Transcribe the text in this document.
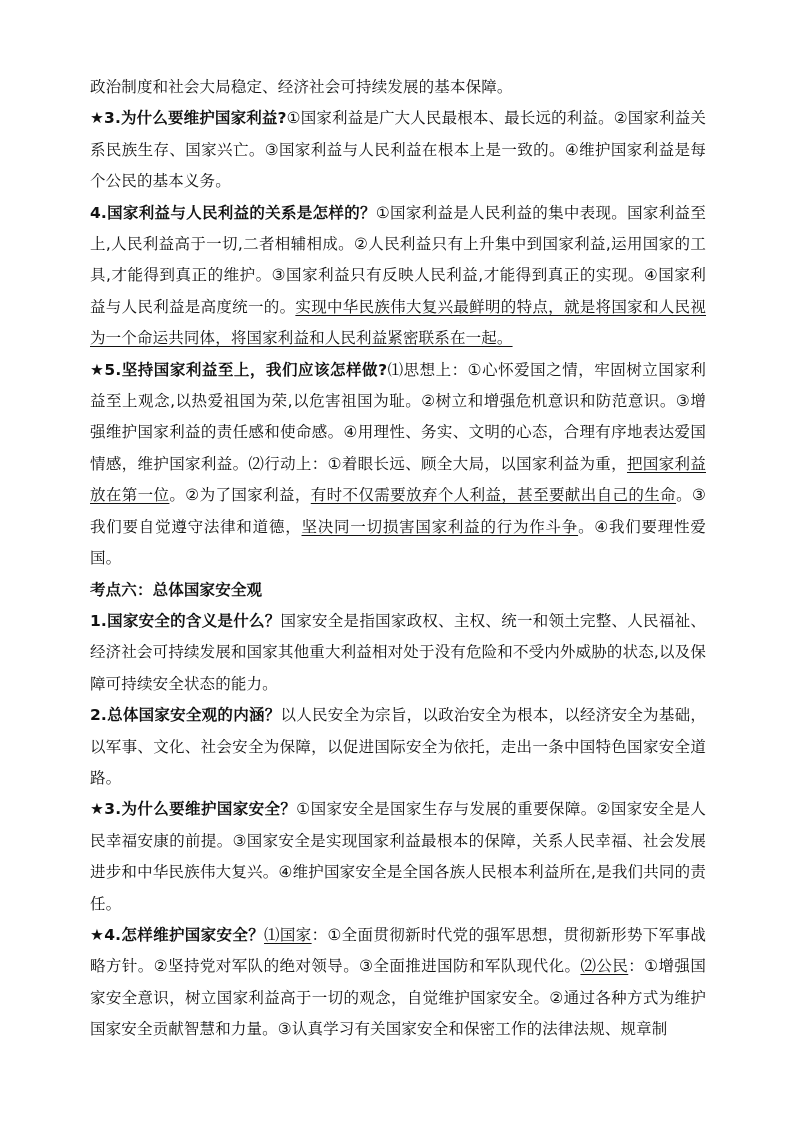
政治制度和社会大局稳定、经济社会可持续发展的基本保障。

★3.为什么要维护国家利益?①国家利益是广大人民最根本、最长远的利益。②国家利益关系民族生存、国家兴亡。③国家利益与人民利益在根本上是一致的。④维护国家利益是每个公民的基本义务。

4.国家利益与人民利益的关系是怎样的？①国家利益是人民利益的集中表现。国家利益至上,人民利益高于一切,二者相辅相成。②人民利益只有上升集中到国家利益,运用国家的工具,才能得到真正的维护。③国家利益只有反映人民利益,才能得到真正的实现。④国家利益与人民利益是高度统一的。实现中华民族伟大复兴最鲜明的特点，就是将国家和人民视为一个命运共同体，将国家利益和人民利益紧密联系在一起。

★5.坚持国家利益至上，我们应该怎样做?⑴思想上：①心怀爱国之情，牢固树立国家利益至上观念,以热爱祖国为荣,以危害祖国为耻。②树立和增强危机意识和防范意识。③增强维护国家利益的责任感和使命感。④用理性、务实、文明的心态，合理有序地表达爱国情感，维护国家利益。⑵行动上：①着眼长远、顾全大局，以国家利益为重，把国家利益放在第一位。②为了国家利益，有时不仅需要放弃个人利益，甚至要献出自己的生命。③我们要自觉遵守法律和道德，坚决同一切损害国家利益的行为作斗争。④我们要理性爱国。

考点六：总体国家安全观

1.国家安全的含义是什么？国家安全是指国家政权、主权、统一和领土完整、人民福祉、经济社会可持续发展和国家其他重大利益相对处于没有危险和不受内外威胁的状态,以及保障可持续安全状态的能力。

2.总体国家安全观的内涵？以人民安全为宗旨，以政治安全为根本，以经济安全为基础，以军事、文化、社会安全为保障，以促进国际安全为依托，走出一条中国特色国家安全道路。

★3.为什么要维护国家安全？①国家安全是国家生存与发展的重要保障。②国家安全是人民幸福安康的前提。③国家安全是实现国家利益最根本的保障，关系人民幸福、社会发展进步和中华民族伟大复兴。④维护国家安全是全国各族人民根本利益所在,是我们共同的责任。

★4.怎样维护国家安全？⑴国家：①全面贯彻新时代党的强军思想，贯彻新形势下军事战略方针。②坚持党对军队的绝对领导。③全面推进国防和军队现代化。⑵公民：①增强国家安全意识，树立国家利益高于一切的观念，自觉维护国家安全。②通过各种方式为维护国家安全贡献智慧和力量。③认真学习有关国家安全和保密工作的法律法规、规章制
